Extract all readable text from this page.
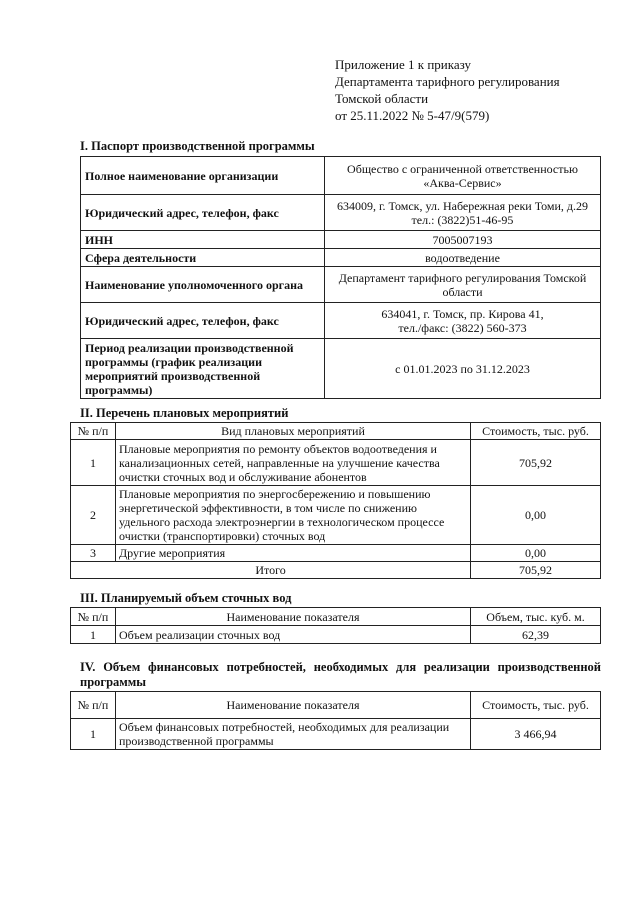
Приложение 1 к приказу
Департамента тарифного регулирования
Томской области
от 25.11.2022 № 5-47/9(579)
I. Паспорт производственной программы
Полное наименование организации	Общество с ограниченной ответственностью
«Аква-Сервис»

Юридический адрес, телефон, факс	634009, г. Томск, ул. Набережная реки Томи, д.29
тел.: (3822)51-46-95

ИНН	7005007193
Сфера деятельности	водоотведение
Наименование уполномоченного органа	Департамент тарифного регулирования Томской
области

Юридический адрес, телефон, факс	634041, г. Томск, пр. Кирова 41,
тел./факс: (3822) 560-373

Период реализации производственной программы (график реализации мероприятий производственной программы)	с 01.01.2023 по 31.12.2023
II. Перечень плановых мероприятий
№ п/п	Вид плановых мероприятий	Стоимость, тыс. руб.
1	Плановые мероприятия по ремонту объектов водоотведения и канализационных сетей, направленные на улучшение качества очистки сточных вод и обслуживание абонентов	705,92
2	Плановые мероприятия по энергосбережению и повышению энергетической эффективности, в том числе по снижению удельного расхода электроэнергии в технологическом процессе очистки (транспортировки) сточных вод	0,00
3	Другие мероприятия	0,00
Итого		705,92
III. Планируемый объем сточных вод
№ п/п	Наименование показателя	Объем, тыс. куб. м.
1	Объем реализации сточных вод	62,39
IV. Объем финансовых потребностей, необходимых для реализации производственной программы
№ п/п	Наименование показателя	Стоимость, тыс. руб.
1	Объем финансовых потребностей, необходимых для реализации производственной программы	3 466,94
